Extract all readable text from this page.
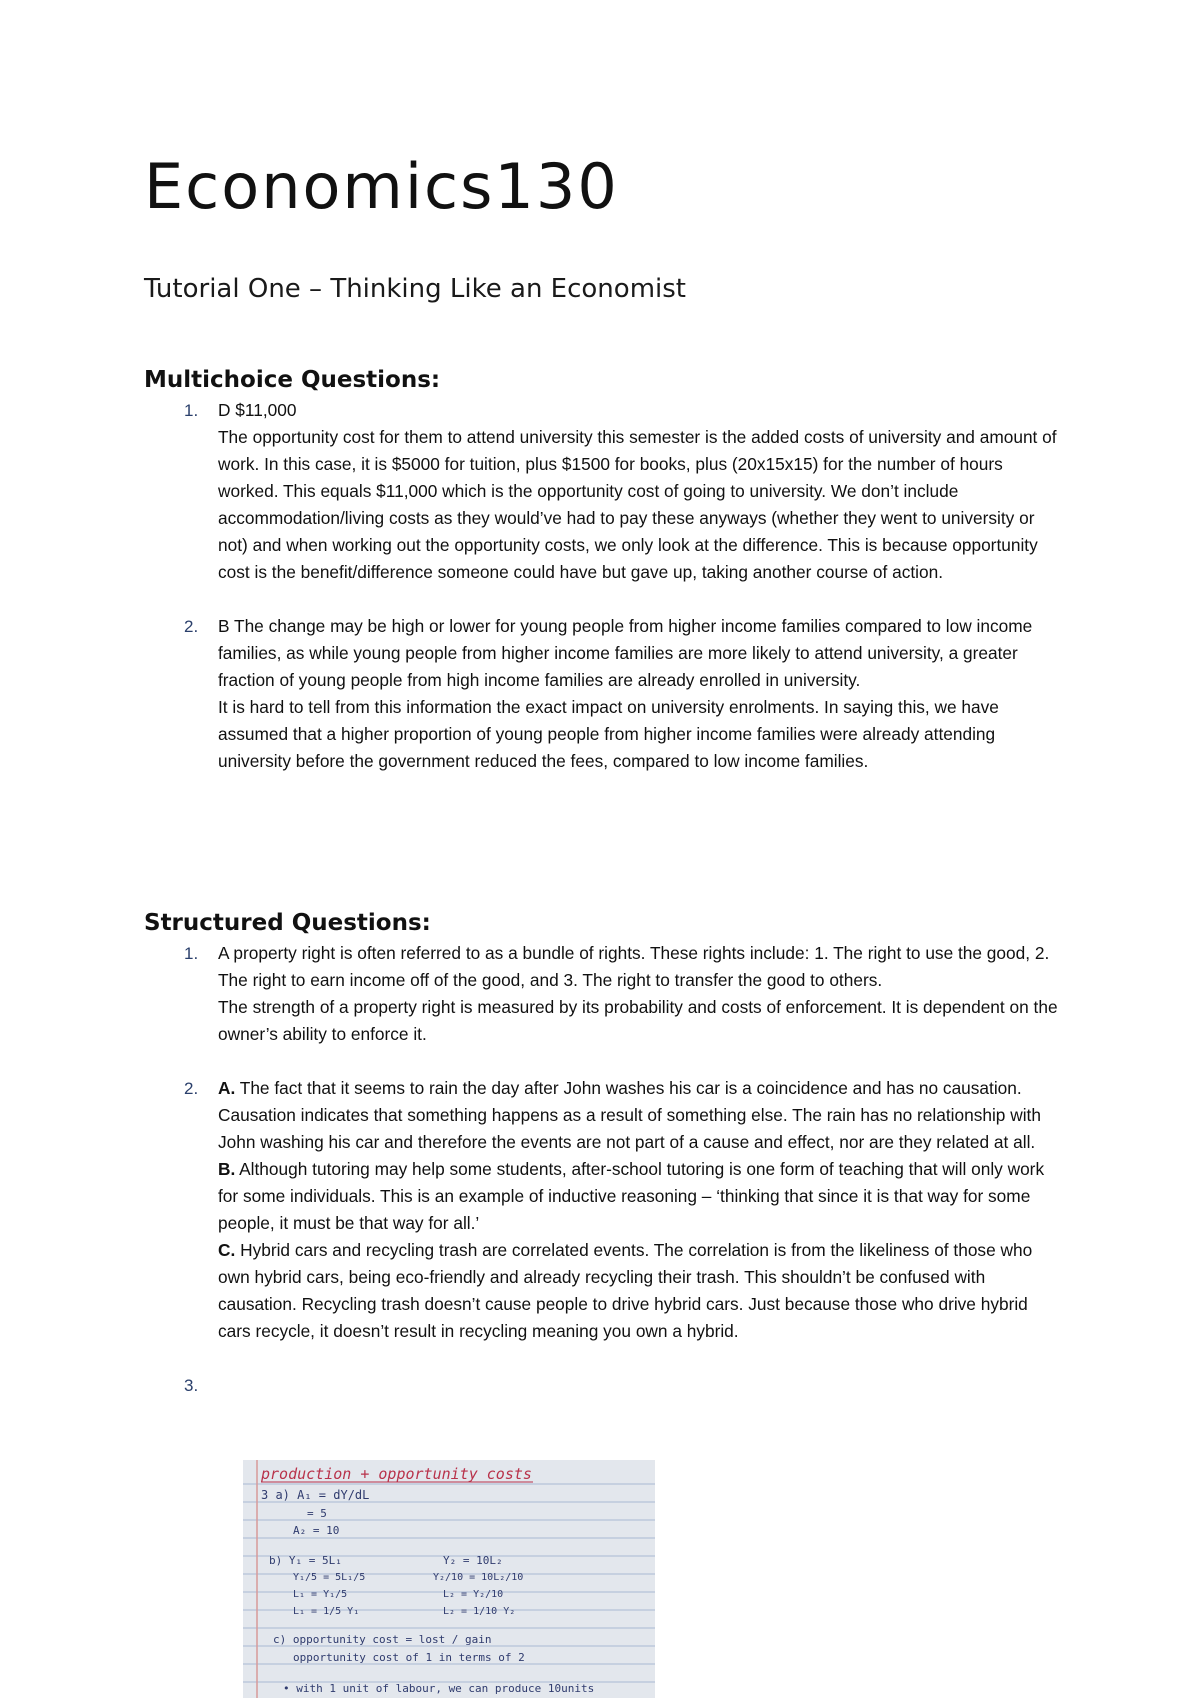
Economics130
Tutorial One – Thinking Like an Economist
Multichoice Questions:
1. D $11,000

The opportunity cost for them to attend university this semester is the added costs of university and amount of work. In this case, it is $5000 for tuition, plus $1500 for books, plus (20x15x15) for the number of hours worked. This equals $11,000 which is the opportunity cost of going to university. We don’t include accommodation/living costs as they would’ve had to pay these anyways (whether they went to university or not) and when working out the opportunity costs, we only look at the difference. This is because opportunity cost is the benefit/difference someone could have but gave up, taking another course of action.

2. B The change may be high or lower for young people from higher income families compared to low income families, as while young people from higher income families are more likely to attend university, a greater fraction of young people from high income families are already enrolled in university.

It is hard to tell from this information the exact impact on university enrolments. In saying this, we have assumed that a higher proportion of young people from higher income families were already attending university before the government reduced the fees, compared to low income families.

Structured Questions:
1. A property right is often referred to as a bundle of rights. These rights include: 1. The right to use the good, 2. The right to earn income off of the good, and 3. The right to transfer the good to others.

The strength of a property right is measured by its probability and costs of enforcement. It is dependent on the owner’s ability to enforce it.

2. A. The fact that it seems to rain the day after John washes his car is a coincidence and has no causation. Causation indicates that something happens as a result of something else. The rain has no relationship with John washing his car and therefore the events are not part of a cause and effect, nor are they related at all.

B. Although tutoring may help some students, after-school tutoring is one form of teaching that will only work for some individuals. This is an example of inductive reasoning – ‘thinking that since it is that way for some people, it must be that way for all.’

C. Hybrid cars and recycling trash are correlated events. The correlation is from the likeliness of those who own hybrid cars, being eco-friendly and already recycling their trash. This shouldn’t be confused with causation. Recycling trash doesn’t cause people to drive hybrid cars. Just because those who drive hybrid cars recycle, it doesn’t result in recycling meaning you own a hybrid.

3.
production + opportunity costs
3 a) A₁ = dY/dL
= 5
A₂ = 10
b) Y₁ = 5L₁	Y₂ = 10L₂
Y₁/5 = 5L₁/5	Y₂/10 = 10L₂/10
L₁ = Y₁/5	L₂ = Y₂/10
L₁ = 1/5 Y₁	L₂ = 1/10 Y₂
c) opportunity cost = lost / gain
opportunity cost of 1 in terms of 2
• with 1 unit of labour, we can produce 10units
